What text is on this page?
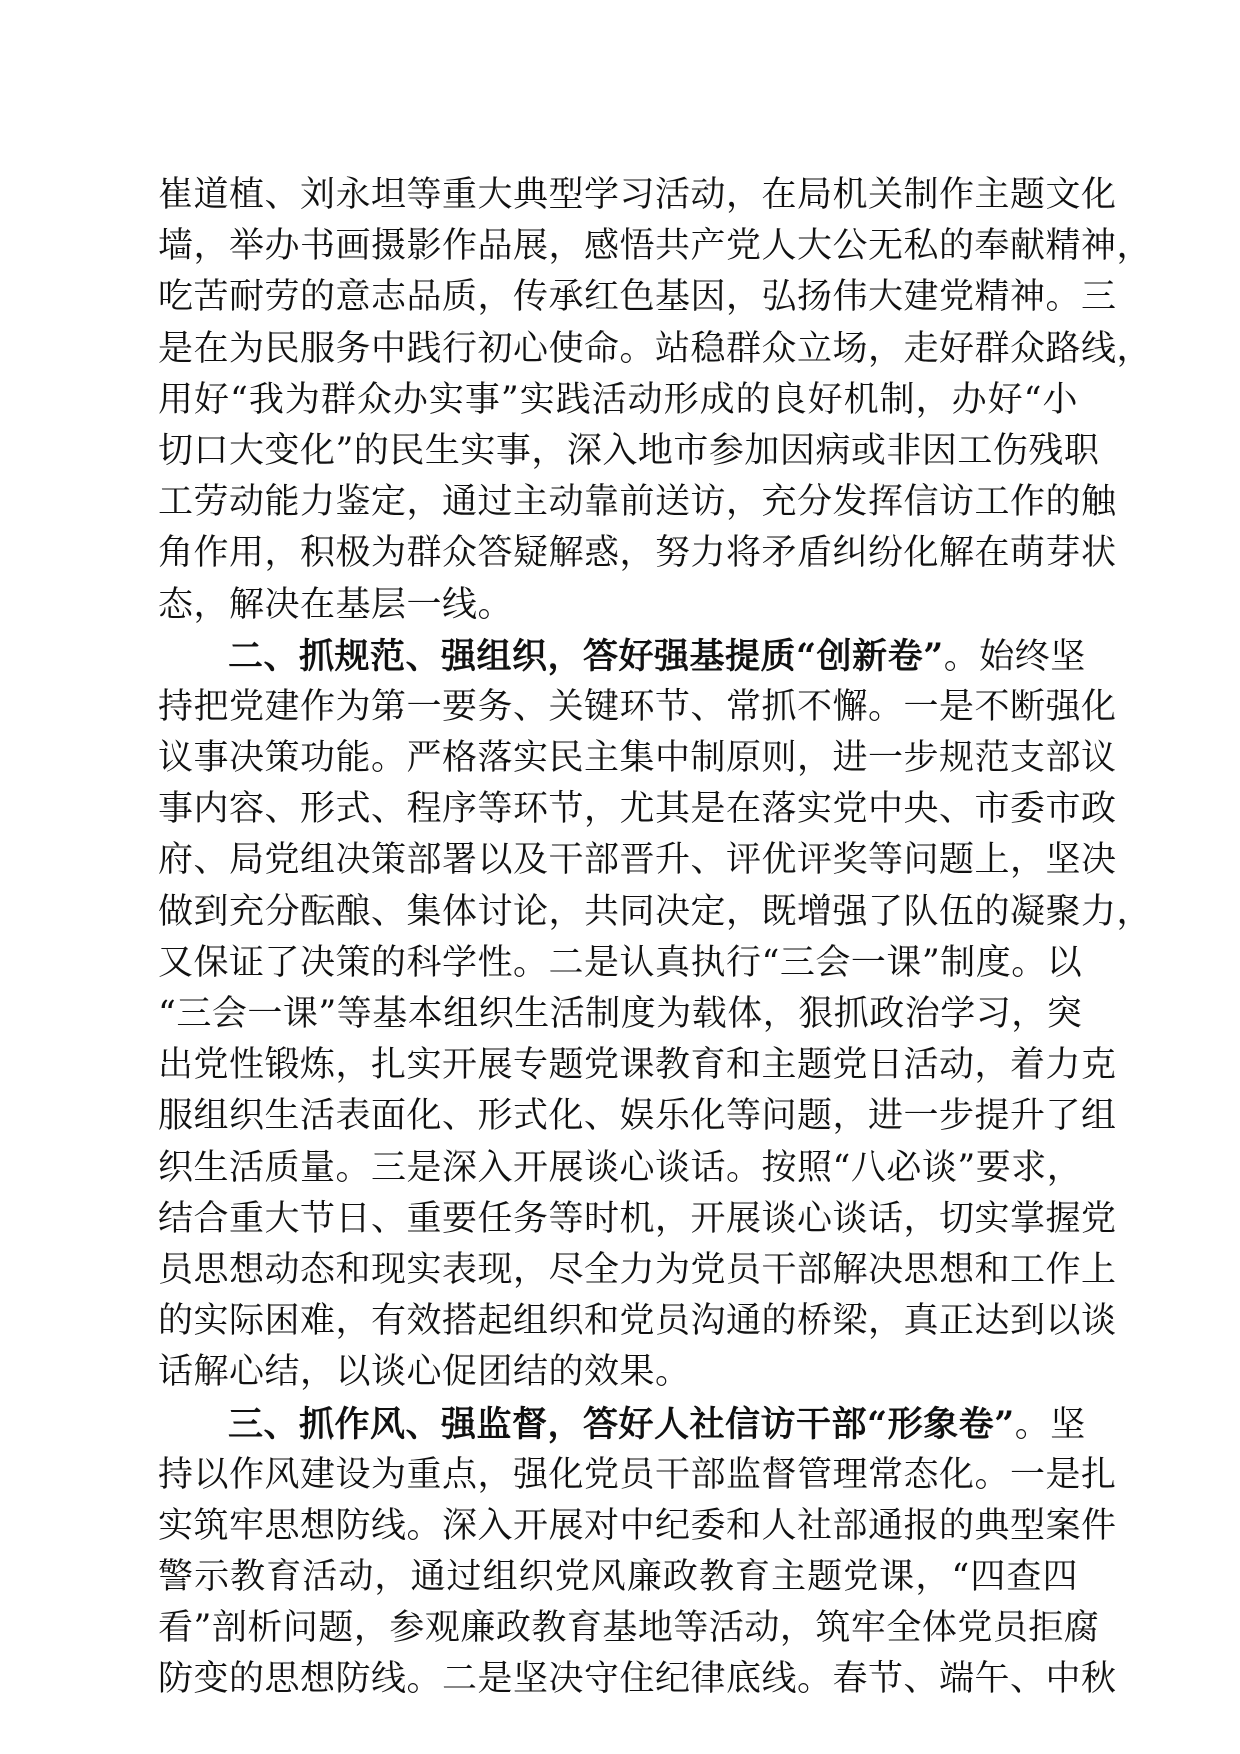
崔道植、刘永坦等重大典型学习活动，在局机关制作主题文化
墙，举办书画摄影作品展，感悟共产党人大公无私的奉献精神，
吃苦耐劳的意志品质，传承红色基因，弘扬伟大建党精神。三
是在为民服务中践行初心使命。站稳群众立场，走好群众路线，
用好“我为群众办实事”实践活动形成的良好机制，办好“小
切口大变化”的民生实事，深入地市参加因病或非因工伤残职
工劳动能力鉴定，通过主动靠前送访，充分发挥信访工作的触
角作用，积极为群众答疑解惑，努力将矛盾纠纷化解在萌芽状
态，解决在基层一线。
二、抓规范、强组织，答好强基提质“创新卷”。始终坚
持把党建作为第一要务、关键环节、常抓不懈。一是不断强化
议事决策功能。严格落实民主集中制原则，进一步规范支部议
事内容、形式、程序等环节，尤其是在落实党中央、市委市政
府、局党组决策部署以及干部晋升、评优评奖等问题上，坚决
做到充分酝酿、集体讨论，共同决定，既增强了队伍的凝聚力，
又保证了决策的科学性。二是认真执行“三会一课”制度。以
“三会一课”等基本组织生活制度为载体，狠抓政治学习，突
出党性锻炼，扎实开展专题党课教育和主题党日活动，着力克
服组织生活表面化、形式化、娱乐化等问题，进一步提升了组
织生活质量。三是深入开展谈心谈话。按照“八必谈”要求，
结合重大节日、重要任务等时机，开展谈心谈话，切实掌握党
员思想动态和现实表现，尽全力为党员干部解决思想和工作上
的实际困难，有效搭起组织和党员沟通的桥梁，真正达到以谈
话解心结，以谈心促团结的效果。
三、抓作风、强监督，答好人社信访干部“形象卷”。坚
持以作风建设为重点，强化党员干部监督管理常态化。一是扎
实筑牢思想防线。深入开展对中纪委和人社部通报的典型案件
警示教育活动，通过组织党风廉政教育主题党课，“四查四
看”剖析问题，参观廉政教育基地等活动，筑牢全体党员拒腐
防变的思想防线。二是坚决守住纪律底线。春节、端午、中秋
